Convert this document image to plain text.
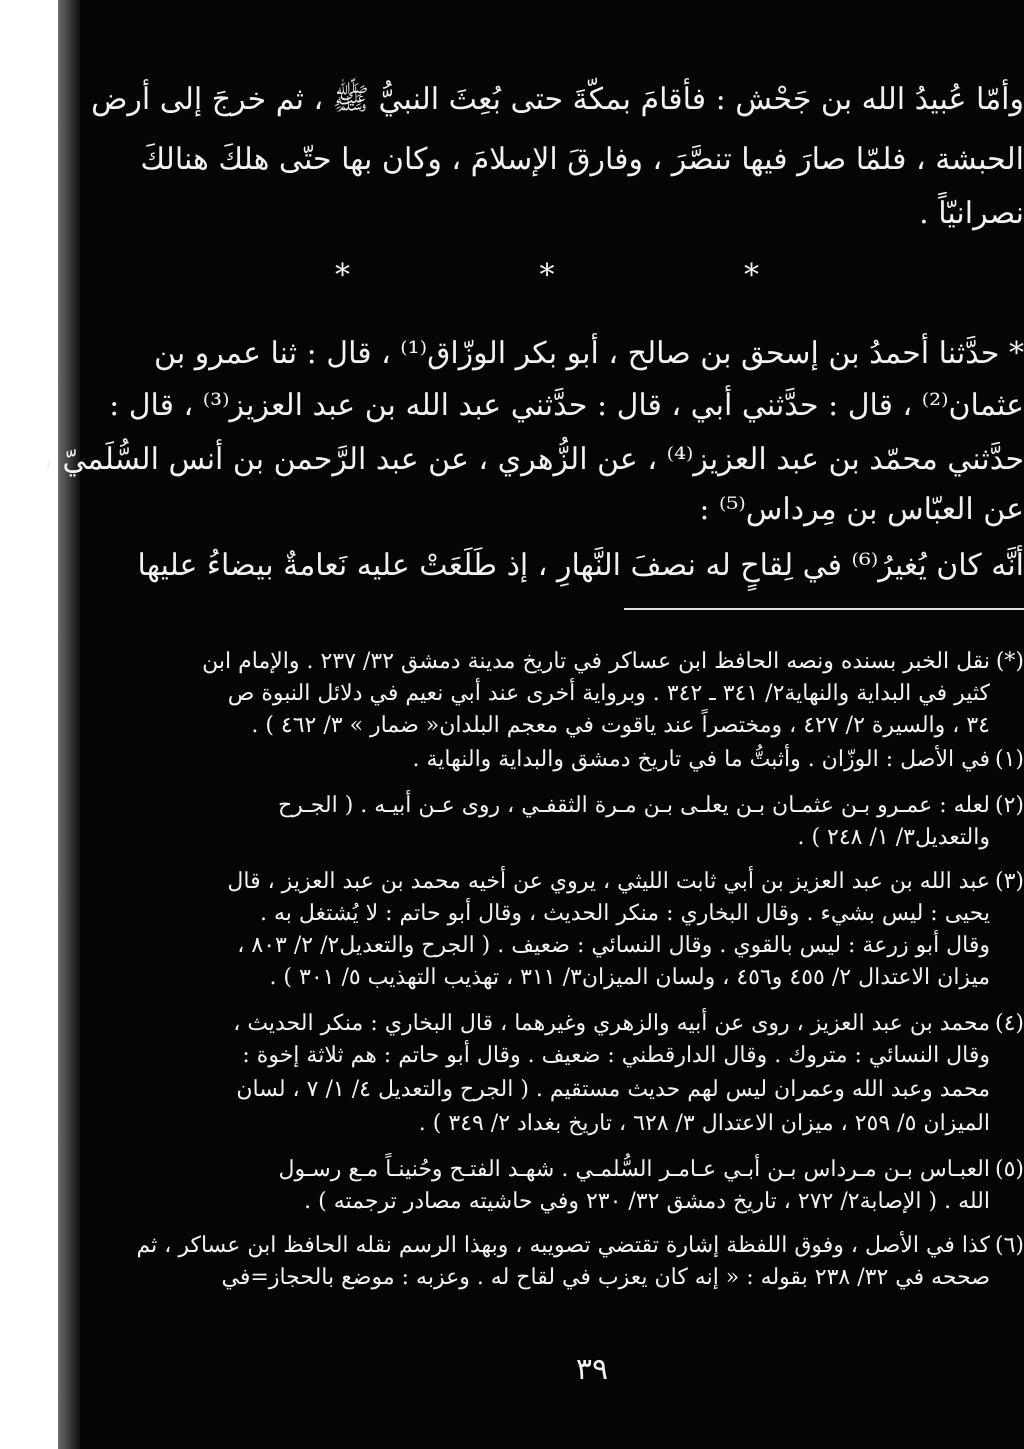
وأمّا عُبيدُ الله بن جَحْش : فأقامَ بمكّةَ حتى بُعِثَ النبيُّ ﷺ ، ثم خرجَ إلى أرض
الحبشة ، فلمّا صارَ فيها تنصَّرَ ، وفارقَ الإسلامَ ، وكان بها حتّى هلكَ هنالكَ
نصرانيّاً .
* * *
* حدَّثنا أحمدُ بن إسحق بن صالح ، أبو بكر الوزّاق⁽¹⁾ ، قال : ثنا عمرو بن
عثمان⁽²⁾ ، قال : حدَّثني أبي ، قال : حدَّثني عبد الله بن عبد العزيز⁽³⁾ ، قال :
حدَّثني محمّد بن عبد العزيز⁽⁴⁾ ، عن الزُّهري ، عن عبد الرَّحمن بن أنس السُّلَميّ ،
عن العبّاس بن مِرداس⁽⁵⁾ :
أنَّه كان يُغيرُ⁽⁶⁾ في لِقاحٍ له نصفَ النَّهارِ ، إذ طَلَعَتْ عليه نَعامةٌ بيضاءُ عليها
(*)نقل الخبر بسنده ونصه الحافظ ابن عساكر في تاريخ مدينة دمشق ٣٢/ ٢٣٧ . والإمام ابن
كثير في البداية والنهاية٢/ ٣٤١ ـ ٣٤٢ . وبرواية أخرى عند أبي نعيم في دلائل النبوة ص
٣٤ ، والسيرة ٢/ ٤٢٧ ، ومختصراً عند ياقوت في معجم البلدان« ضمار » ٣/ ٤٦٢ ) .
(١)في الأصل : الوزّان . وأثبتُّ ما في تاريخ دمشق والبداية والنهاية .
(٢)لعله : عمـرو بـن عثمـان بـن يعلـى بـن مـرة الثقفـي ، روى عـن أبيـه . ( الجـرح
والتعديل٣/ ١/ ٢٤٨ ) .
(٣)عبد الله بن عبد العزيز بن أبي ثابت الليثي ، يروي عن أخيه محمد بن عبد العزيز ، قال
يحيى : ليس بشيء . وقال البخاري : منكر الحديث ، وقال أبو حاتم : لا يُشتغل به .
وقال أبو زرعة : ليس بالقوي . وقال النسائي : ضعيف . ( الجرح والتعديل٢/ ٢/ ٨٠٣ ،
ميزان الاعتدال ٢/ ٤٥٥ و٤٥٦ ، ولسان الميزان٣/ ٣١١ ، تهذيب التهذيب ٥/ ٣٠١ ) .
(٤)محمد بن عبد العزيز ، روى عن أبيه والزهري وغيرهما ، قال البخاري : منكر الحديث ،
وقال النسائي : متروك . وقال الدارقطني : ضعيف . وقال أبو حاتم : هم ثلاثة إخوة :
محمد وعبد الله وعمران ليس لهم حديث مستقيم . ( الجرح والتعديل ٤/ ١/ ٧ ، لسان
الميزان ٥/ ٢٥٩ ، ميزان الاعتدال ٣/ ٦٢٨ ، تاريخ بغداد ٢/ ٣٤٩ ) .
(٥)العبـاس بـن مـرداس بـن أبـي عـامـر السُّلمـي . شهـد الفتـح وحُنينـاً مـع رسـول
الله . ( الإصابة٢/ ٢٧٢ ، تاريخ دمشق ٣٢/ ٢٣٠ وفي حاشيته مصادر ترجمته ) .
(٦)كذا في الأصل ، وفوق اللفظة إشارة تقتضي تصويبه ، وبهذا الرسم نقله الحافظ ابن عساكر ، ثم
صححه في ٣٢/ ٢٣٨ بقوله : « إنه كان يعزب في لقاح له . وعزبه : موضع بالحجاز=في
٣٩
